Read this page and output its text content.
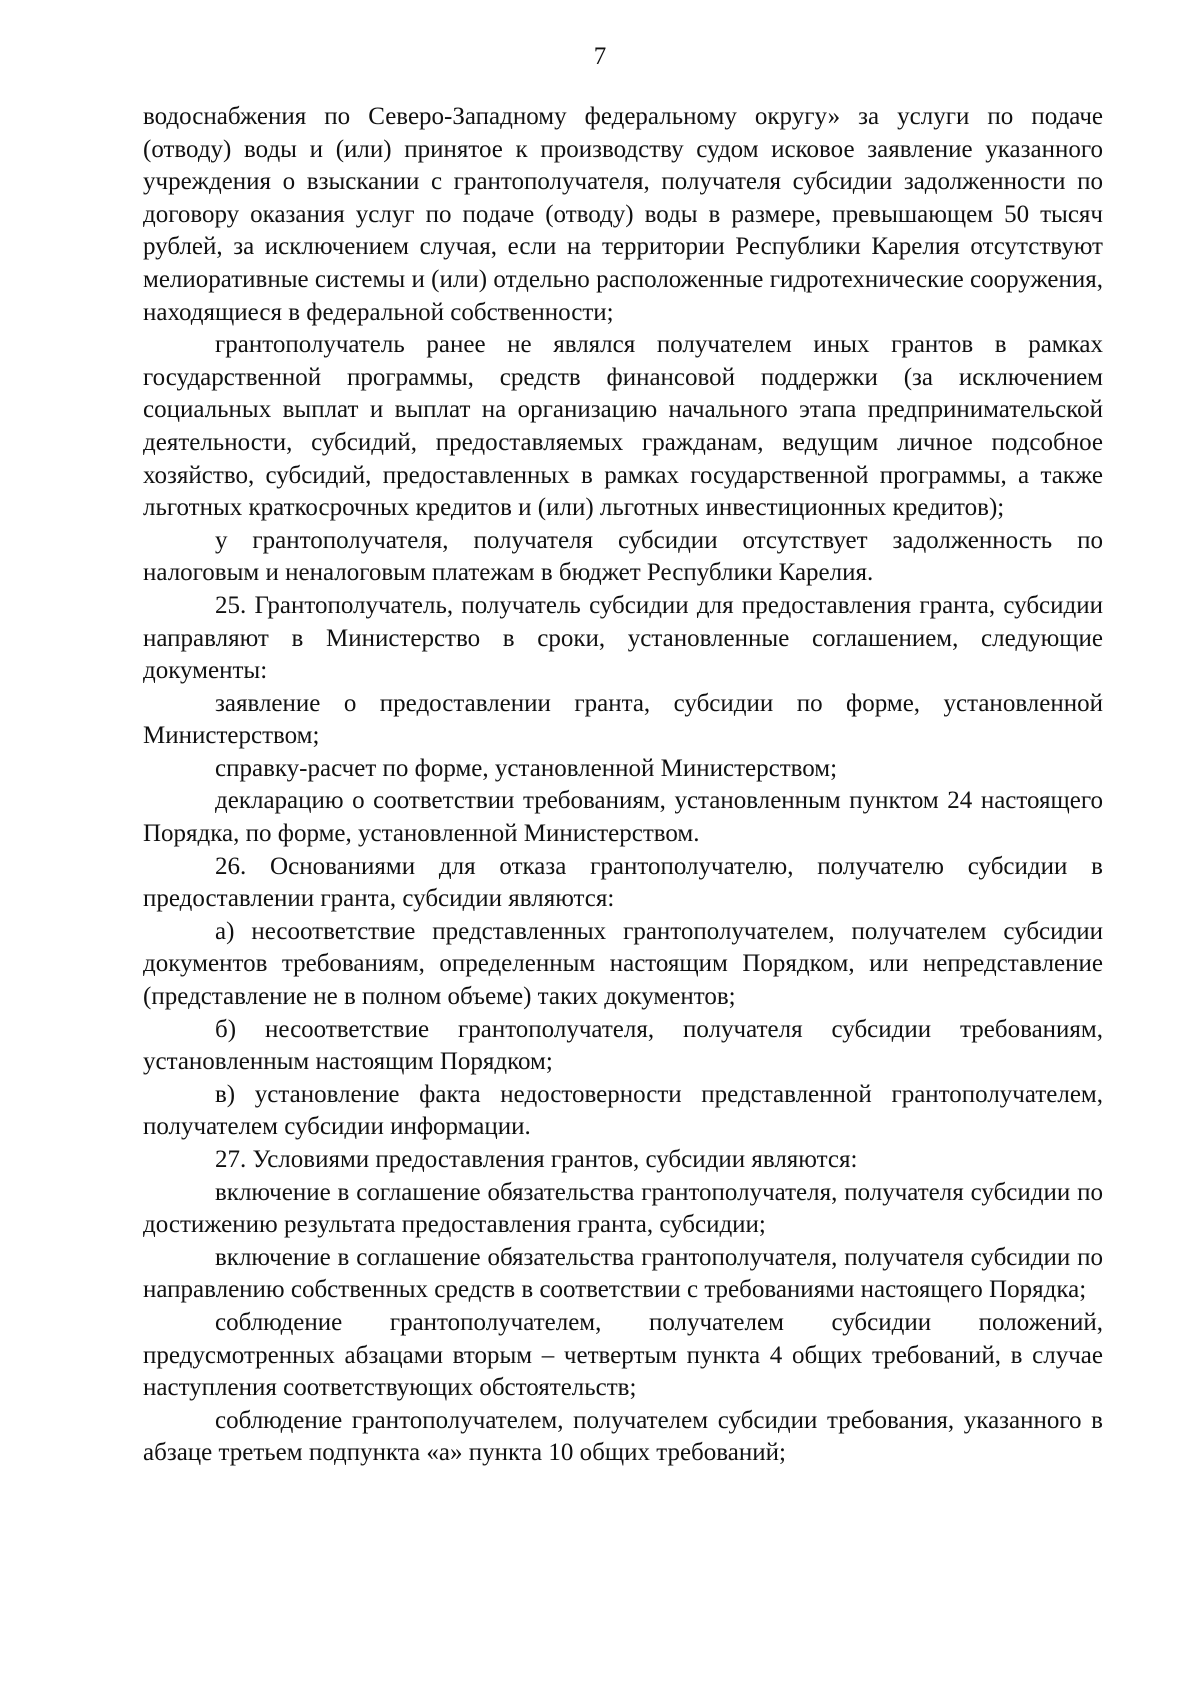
7

водоснабжения по Северо-Западному федеральному округу» за услуги по подаче (отводу) воды и (или) принятое к производству судом исковое заявление указанного учреждения о взыскании с грантополучателя, получателя субсидии задолженности по договору оказания услуг по подаче (отводу) воды в размере, превышающем 50 тысяч рублей, за исключением случая, если на территории Республики Карелия отсутствуют мелиоративные системы и (или) отдельно расположенные гидротехнические сооружения, находящиеся в федеральной собственности;

грантополучатель ранее не являлся получателем иных грантов в рамках государственной программы, средств финансовой поддержки (за исключением социальных выплат и выплат на организацию начального этапа предпринимательской деятельности, субсидий, предоставляемых гражданам, ведущим личное подсобное хозяйство, субсидий, предоставленных в рамках государственной программы, а также льготных краткосрочных кредитов и (или) льготных инвестиционных кредитов);

у грантополучателя, получателя субсидии отсутствует задолженность по налоговым и неналоговым платежам в бюджет Республики Карелия.

25. Грантополучатель, получатель субсидии для предоставления гранта, субсидии направляют в Министерство в сроки, установленные соглашением, следующие документы:

заявление о предоставлении гранта, субсидии по форме, установленной Министерством;

справку-расчет по форме, установленной Министерством;

декларацию о соответствии требованиям, установленным пунктом 24 настоящего Порядка, по форме, установленной Министерством.

26. Основаниями для отказа грантополучателю, получателю субсидии в предоставлении гранта, субсидии являются:

а) несоответствие представленных грантополучателем, получателем субсидии документов требованиям, определенным настоящим Порядком, или непредставление (представление не в полном объеме) таких документов;

б) несоответствие грантополучателя, получателя субсидии требованиям, установленным настоящим Порядком;

в) установление факта недостоверности представленной грантополучателем, получателем субсидии информации.

27. Условиями предоставления грантов, субсидии являются:

включение в соглашение обязательства грантополучателя, получателя субсидии по достижению результата предоставления гранта, субсидии;

включение в соглашение обязательства грантополучателя, получателя субсидии по направлению собственных средств в соответствии с требованиями настоящего Порядка;

соблюдение грантополучателем, получателем субсидии положений, предусмотренных абзацами вторым – четвертым пункта 4 общих требований, в случае наступления соответствующих обстоятельств;

соблюдение грантополучателем, получателем субсидии требования, указанного в абзаце третьем подпункта «а» пункта 10 общих требований;
